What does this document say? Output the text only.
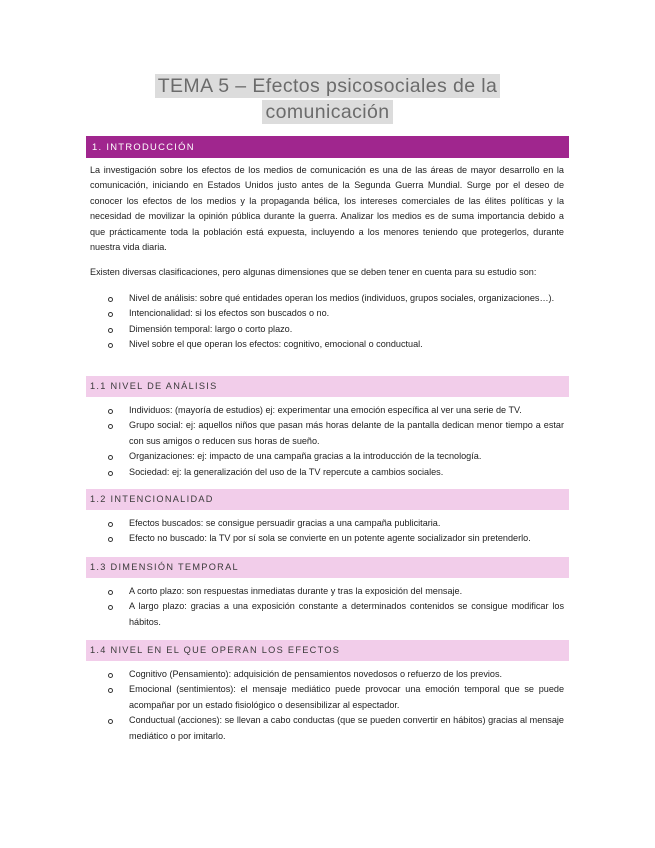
TEMA 5 – Efectos psicosociales de la
comunicación
1. INTRODUCCIÓN

La investigación sobre los efectos de los medios de comunicación es una de las áreas de mayor desarrollo en la comunicación, iniciando en Estados Unidos justo antes de la Segunda Guerra Mundial. Surge por el deseo de conocer los efectos de los medios y la propaganda bélica, los intereses comerciales de las élites políticas y la necesidad de movilizar la opinión pública durante la guerra. Analizar los medios es de suma importancia debido a que prácticamente toda la población está expuesta, incluyendo a los menores teniendo que protegerlos, durante nuestra vida diaria.

Existen diversas clasificaciones, pero algunas dimensiones que se deben tener en cuenta para su estudio son:

Nivel de análisis: sobre qué entidades operan los medios (individuos, grupos sociales, organizaciones…).
Intencionalidad: si los efectos son buscados o no.
Dimensión temporal: largo o corto plazo.
Nivel sobre el que operan los efectos: cognitivo, emocional o conductual.
1.1 NIVEL DE ANÁLISIS
Individuos: (mayoría de estudios) ej: experimentar una emoción específica al ver una serie de TV.
Grupo social: ej: aquellos niños que pasan más horas delante de la pantalla dedican menor tiempo a estar con sus amigos o reducen sus horas de sueño.
Organizaciones: ej: impacto de una campaña gracias a la introducción de la tecnología.
Sociedad: ej: la generalización del uso de la TV repercute a cambios sociales.
1.2 INTENCIONALIDAD
Efectos buscados: se consigue persuadir gracias a una campaña publicitaria.
Efecto no buscado: la TV por sí sola se convierte en un potente agente socializador sin pretenderlo.
1.3 DIMENSIÓN TEMPORAL
A corto plazo: son respuestas inmediatas durante y tras la exposición del mensaje.
A largo plazo: gracias a una exposición constante a determinados contenidos se consigue modificar los hábitos.
1.4 NIVEL EN EL QUE OPERAN LOS EFECTOS
Cognitivo (Pensamiento): adquisición de pensamientos novedosos o refuerzo de los previos.
Emocional (sentimientos): el mensaje mediático puede provocar una emoción temporal que se puede acompañar por un estado fisiológico o desensibilizar al espectador.
Conductual (acciones): se llevan a cabo conductas (que se pueden convertir en hábitos) gracias al mensaje mediático o por imitarlo.
